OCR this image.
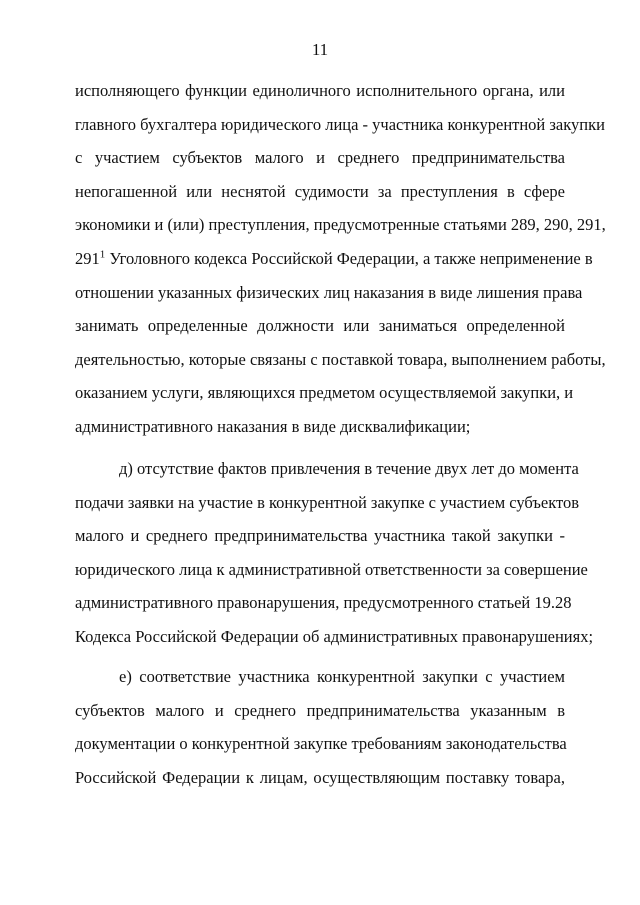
11
исполняющего функции единоличного исполнительного органа, или
главного бухгалтера юридического лица - участника конкурентной закупки
с участием субъектов малого и среднего предпринимательства
непогашенной или неснятой судимости за преступления в сфере
экономики и (или) преступления, предусмотренные статьями 289, 290, 291,
$291^1$ Уголовного кодекса Российской Федерации, а также неприменение в
отношении указанных физических лиц наказания в виде лишения права
занимать определенные должности или заниматься определенной
деятельностью, которые связаны с поставкой товара, выполнением работы,
оказанием услуги, являющихся предметом осуществляемой закупки, и
административного наказания в виде дисквалификации;
д) отсутствие фактов привлечения в течение двух лет до момента
подачи заявки на участие в конкурентной закупке с участием субъектов
малого и среднего предпринимательства участника такой закупки -
юридического лица к административной ответственности за совершение
административного правонарушения, предусмотренного статьей 19.28
Кодекса Российской Федерации об административных правонарушениях;
е) соответствие участника конкурентной закупки с участием
субъектов малого и среднего предпринимательства указанным в
документации о конкурентной закупке требованиям законодательства
Российской Федерации к лицам, осуществляющим поставку товара,
